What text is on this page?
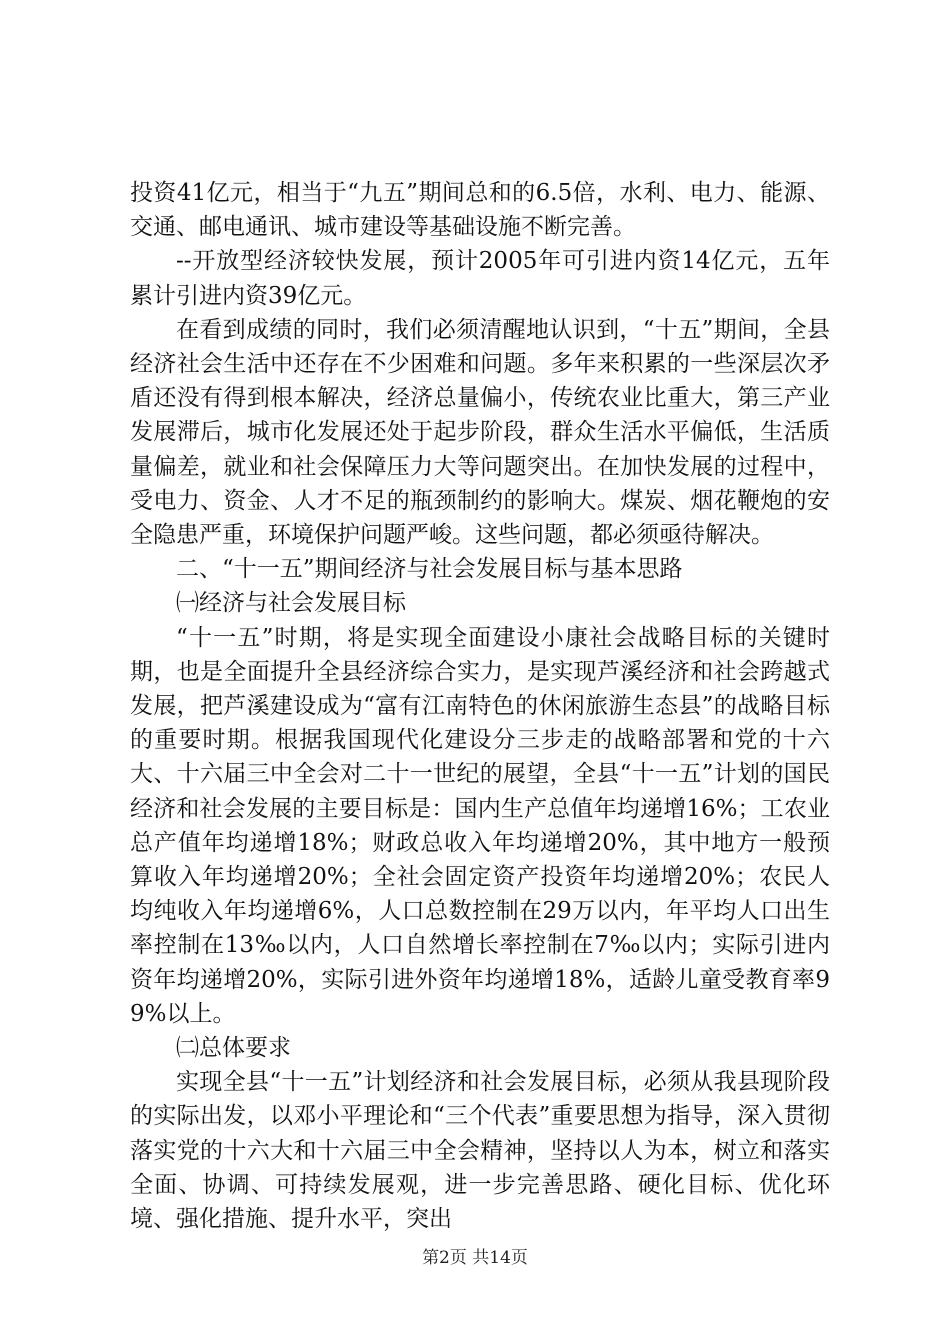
投资41亿元，相当于“九五”期间总和的6.5倍，水利、电力、能源、交通、邮电通讯、城市建设等基础设施不断完善。

--开放型经济较快发展，预计2005年可引进内资14亿元，五年累计引进内资39亿元。

在看到成绩的同时，我们必须清醒地认识到，“十五”期间，全县经济社会生活中还存在不少困难和问题。多年来积累的一些深层次矛盾还没有得到根本解决，经济总量偏小，传统农业比重大，第三产业发展滞后，城市化发展还处于起步阶段，群众生活水平偏低，生活质量偏差，就业和社会保障压力大等问题突出。在加快发展的过程中，受电力、资金、人才不足的瓶颈制约的影响大。煤炭、烟花鞭炮的安全隐患严重，环境保护问题严峻。这些问题，都必须亟待解决。

二、“十一五”期间经济与社会发展目标与基本思路

㈠经济与社会发展目标

“十一五”时期，将是实现全面建设小康社会战略目标的关键时期，也是全面提升全县经济综合实力，是实现芦溪经济和社会跨越式发展，把芦溪建设成为“富有江南特色的休闲旅游生态县”的战略目标的重要时期。根据我国现代化建设分三步走的战略部署和党的十六大、十六届三中全会对二十一世纪的展望，全县“十一五”计划的国民经济和社会发展的主要目标是：国内生产总值年均递增16%；工农业总产值年均递增18%；财政总收入年均递增20%，其中地方一般预算收入年均递增20%；全社会固定资产投资年均递增20%；农民人均纯收入年均递增6%，人口总数控制在29万以内，年平均人口出生率控制在13‰以内，人口自然增长率控制在7‰以内；实际引进内资年均递增20%，实际引进外资年均递增18%，适龄儿童受教育率99%以上。

㈡总体要求

实现全县“十一五”计划经济和社会发展目标，必须从我县现阶段的实际出发，以邓小平理论和“三个代表”重要思想为指导，深入贯彻落实党的十六大和十六届三中全会精神，坚持以人为本，树立和落实全面、协调、可持续发展观，进一步完善思路、硬化目标、优化环境、强化措施、提升水平，突出

第2页 共14页
